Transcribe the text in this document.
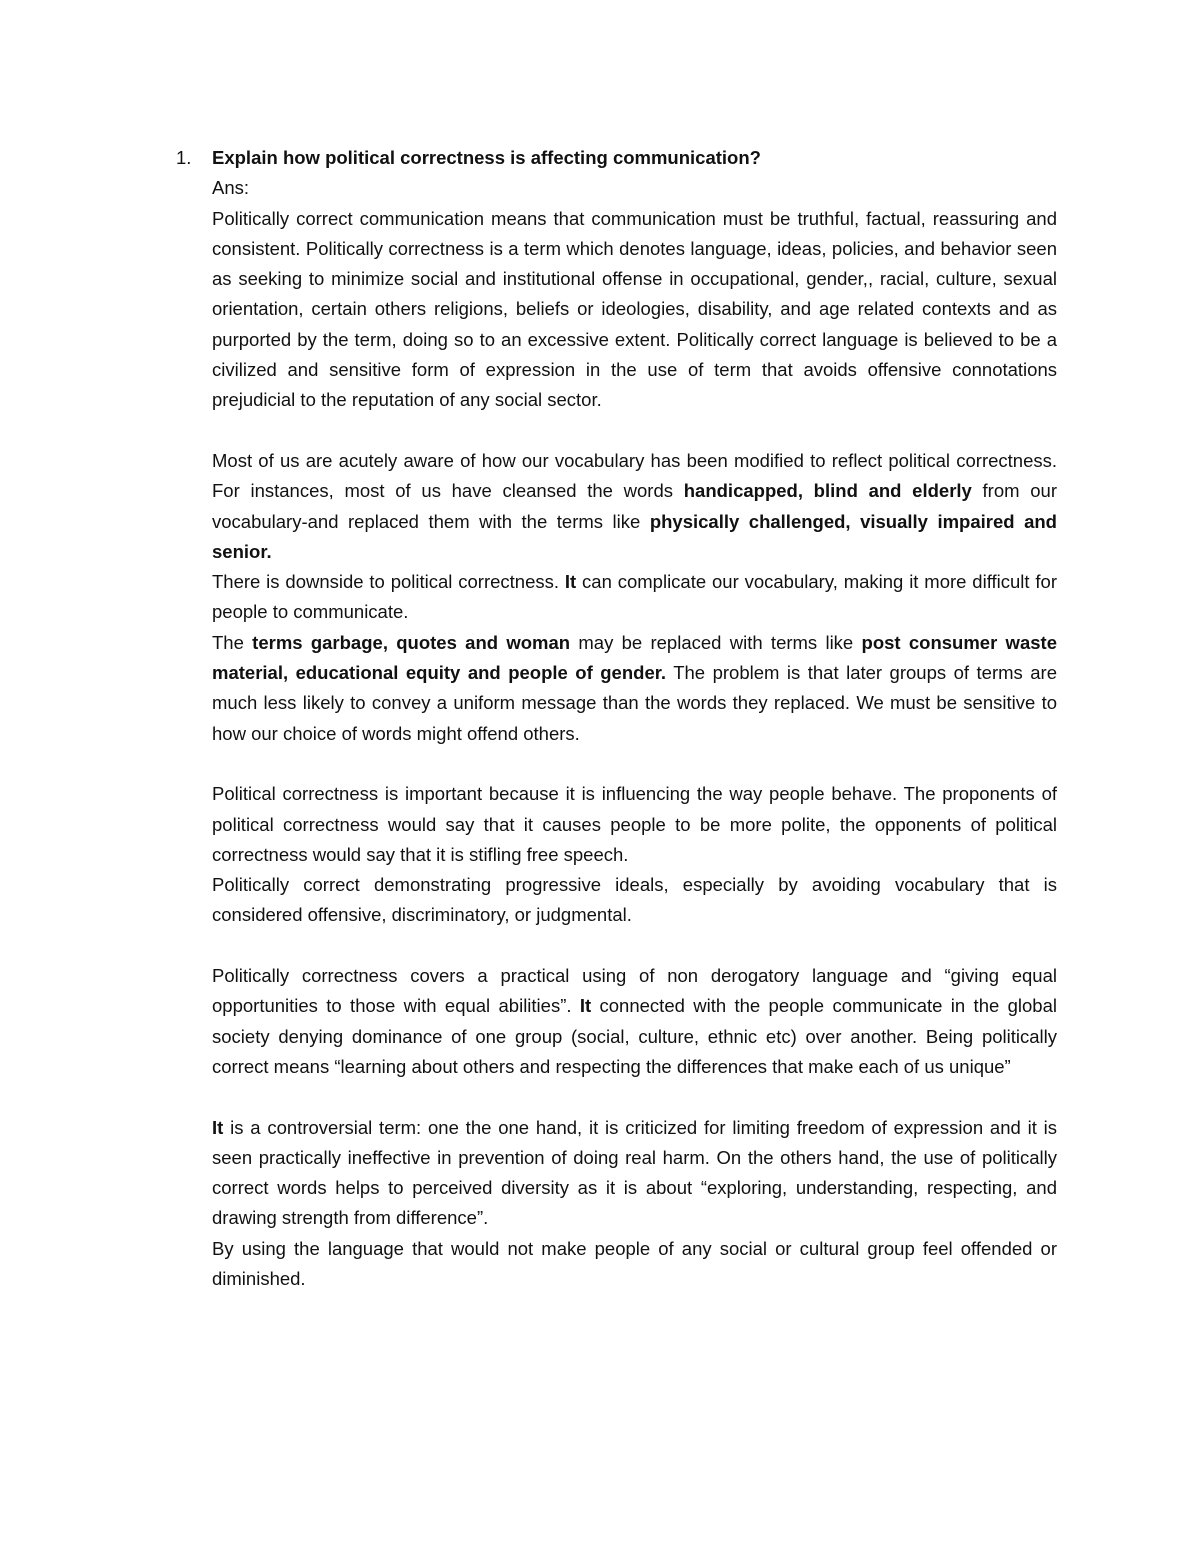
1. Explain how political correctness is affecting communication?

Ans:

Politically correct communication means that communication must be truthful, factual, reassuring and consistent. Politically correctness is a term which denotes language, ideas, policies, and behavior seen as seeking to minimize social and institutional offense in occupational, gender,, racial, culture, sexual orientation, certain others religions, beliefs or ideologies, disability, and age related contexts and as purported by the term, doing so to an excessive extent. Politically correct language is believed to be a civilized and sensitive form of expression in the use of term that avoids offensive connotations prejudicial to the reputation of any social sector.

Most of us are acutely aware of how our vocabulary has been modified to reflect political correctness. For instances, most of us have cleansed the words handicapped, blind and elderly from our vocabulary-and replaced them with the terms like physically challenged, visually impaired and senior.

There is downside to political correctness. It can complicate our vocabulary, making it more difficult for people to communicate.

The terms garbage, quotes and woman may be replaced with terms like post consumer waste material, educational equity and people of gender. The problem is that later groups of terms are much less likely to convey a uniform message than the words they replaced. We must be sensitive to how our choice of words might offend others.

Political correctness is important because it is influencing the way people behave. The proponents of political correctness would say that it causes people to be more polite, the opponents of political correctness would say that it is stifling free speech.

Politically correct demonstrating progressive ideals, especially by avoiding vocabulary that is considered offensive, discriminatory, or judgmental.

Politically correctness covers a practical using of non derogatory language and “giving equal opportunities to those with equal abilities”. It connected with the people communicate in the global society denying dominance of one group (social, culture, ethnic etc) over another. Being politically correct means “learning about others and respecting the differences that make each of us unique”

It is a controversial term: one the one hand, it is criticized for limiting freedom of expression and it is seen practically ineffective in prevention of doing real harm. On the others hand, the use of politically correct words helps to perceived diversity as it is about “exploring, understanding, respecting, and drawing strength from difference”.

By using the language that would not make people of any social or cultural group feel offended or diminished.
